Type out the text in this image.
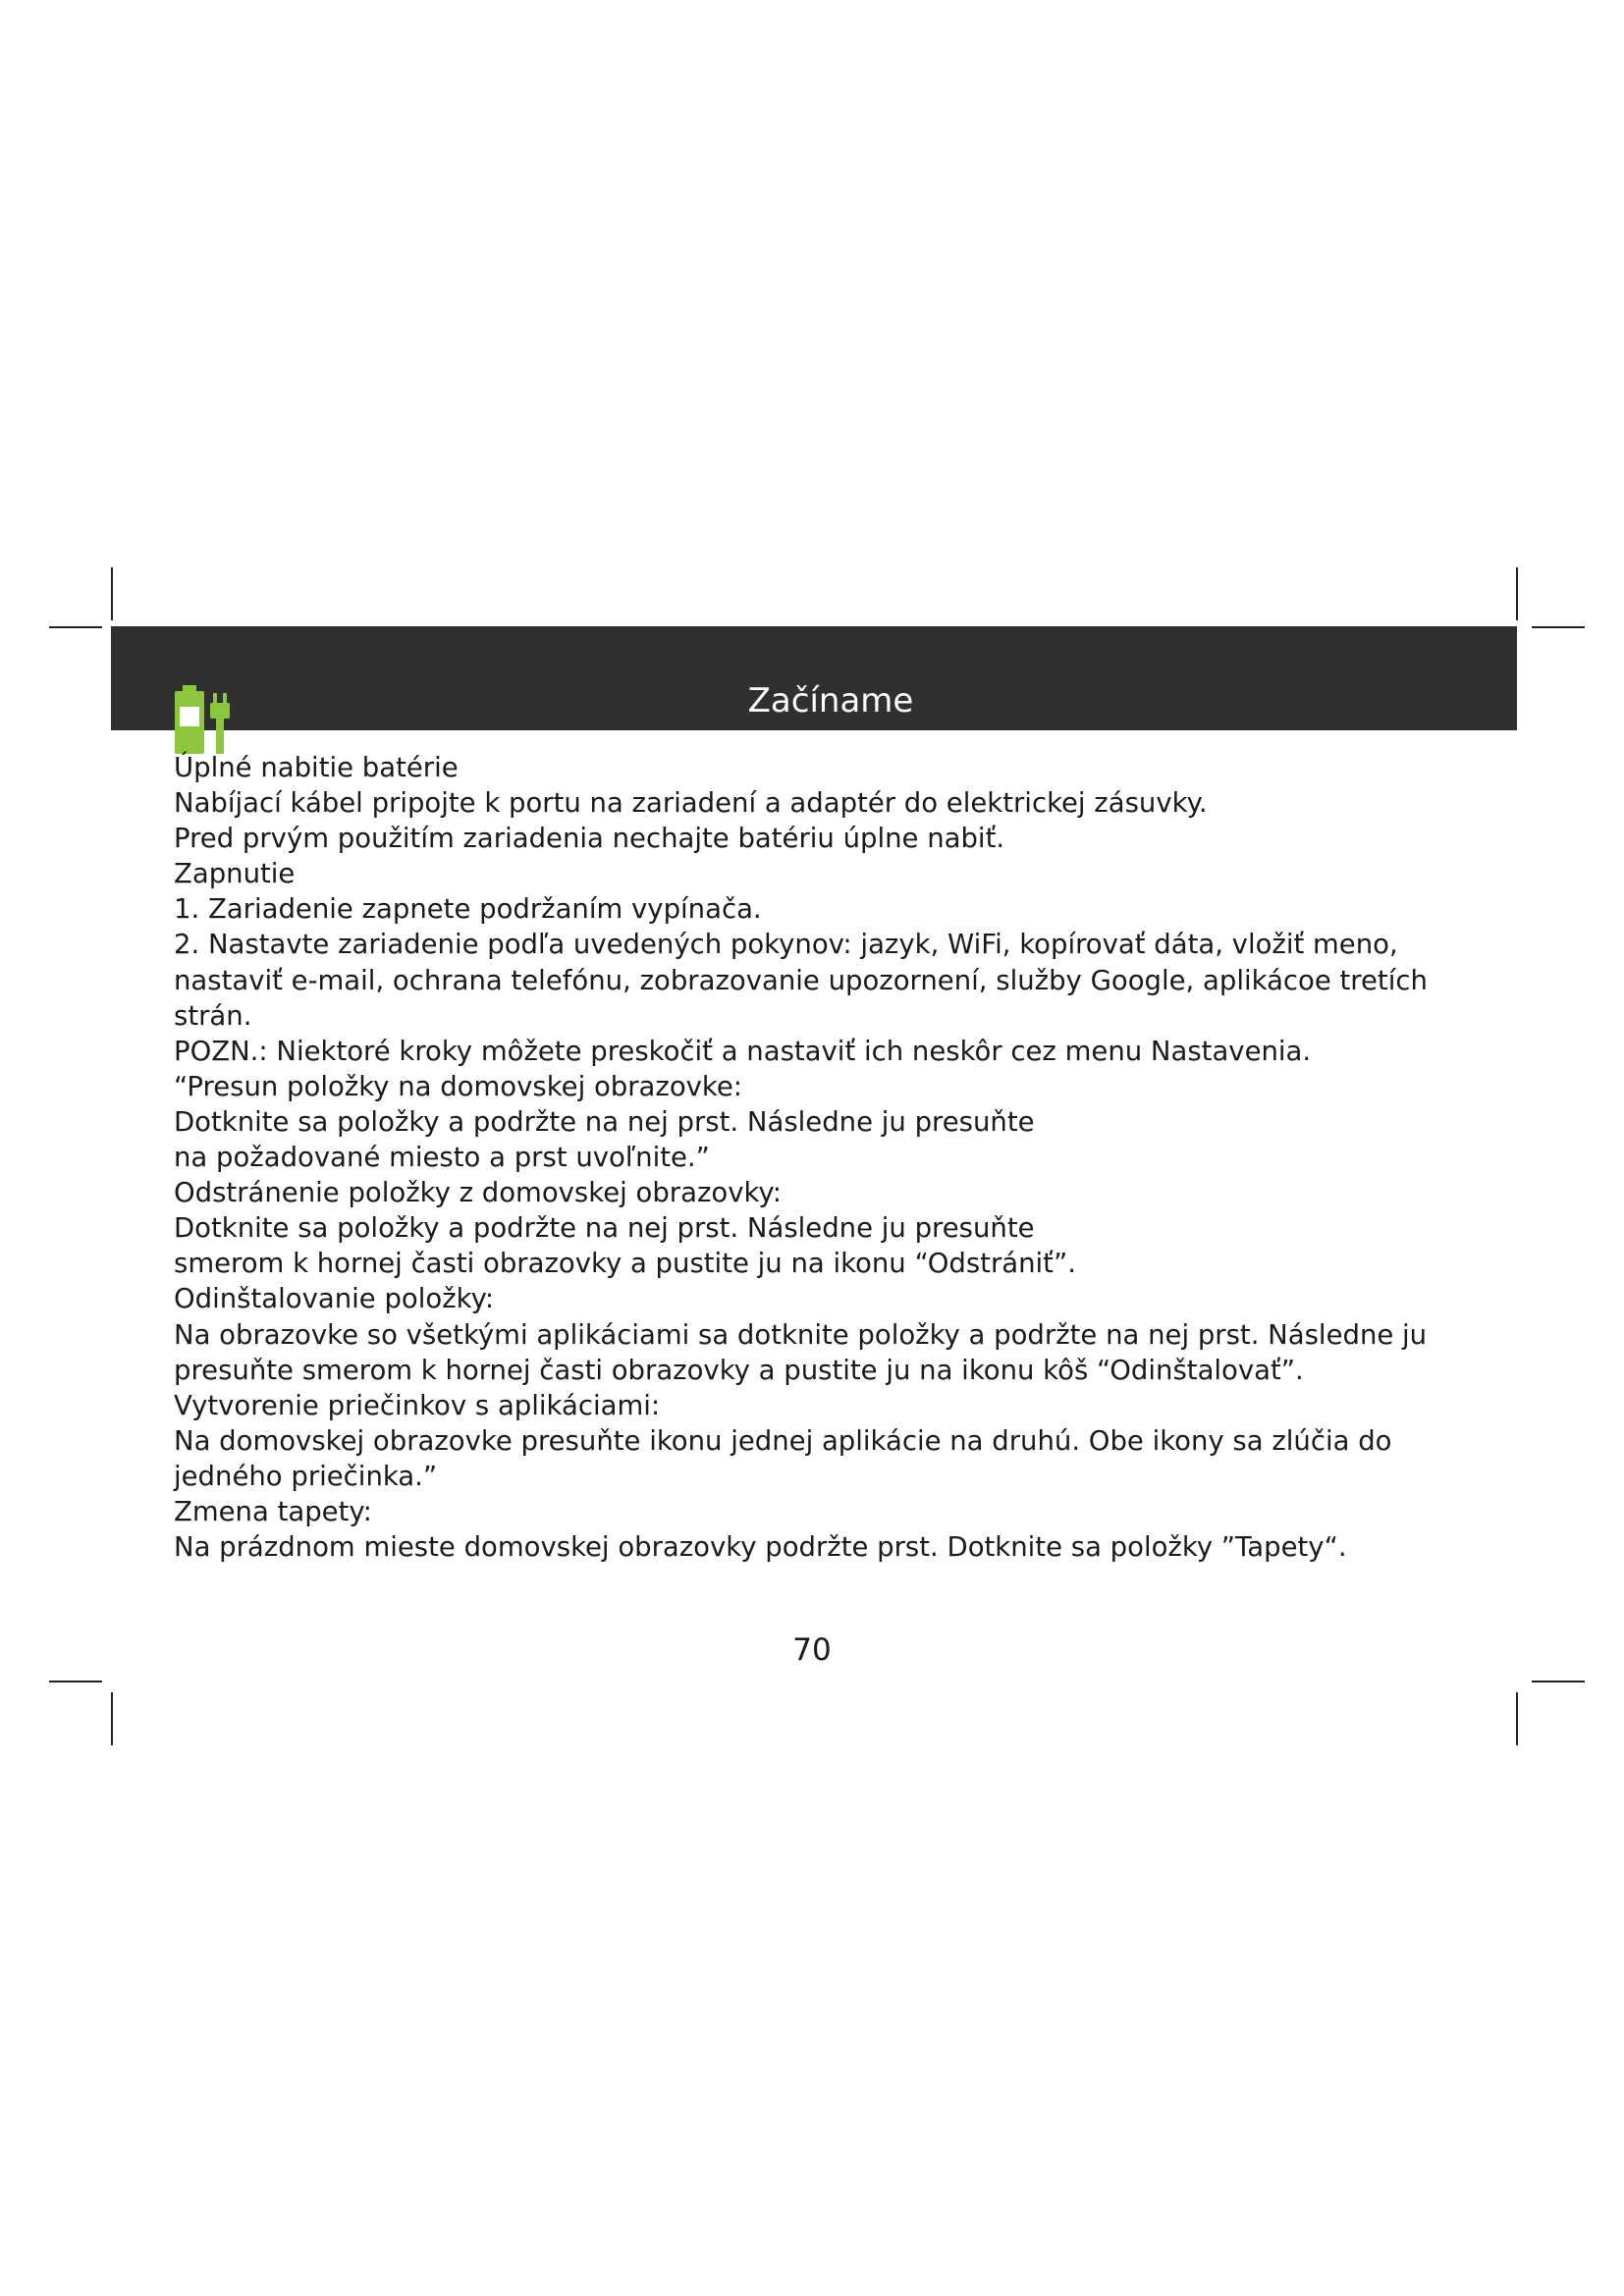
Začíname

Úplné nabitie batérie

Nabíjací kábel pripojte k portu na zariadení a adaptér do elektrickej zásuvky.

Pred prvým použitím zariadenia nechajte batériu úplne nabiť.

Zapnutie

1. Zariadenie zapnete podržaním vypínača.

2. Nastavte zariadenie podľa uvedených pokynov: jazyk, WiFi, kopírovať dáta, vložiť meno,

nastaviť e-mail, ochrana telefónu, zobrazovanie upozornení, služby Google, aplikácoe tretích

strán.

POZN.: Niektoré kroky môžete preskočiť a nastaviť ich neskôr cez menu Nastavenia.

“Presun položky na domovskej obrazovke:

Dotknite sa položky a podržte na nej prst. Následne ju presuňte

na požadované miesto a prst uvoľnite.”

Odstránenie položky z domovskej obrazovky:

Dotknite sa položky a podržte na nej prst. Následne ju presuňte

smerom k hornej časti obrazovky a pustite ju na ikonu “Odstrániť”.

Odinštalovanie položky:

Na obrazovke so všetkými aplikáciami sa dotknite položky a podržte na nej prst. Následne ju

presuňte smerom k hornej časti obrazovky a pustite ju na ikonu kôš “Odinštalovať”.

Vytvorenie priečinkov s aplikáciami:

Na domovskej obrazovke presuňte ikonu jednej aplikácie na druhú. Obe ikony sa zlúčia do

jedného priečinka.”

Zmena tapety:

Na prázdnom mieste domovskej obrazovky podržte prst. Dotknite sa položky ”Tapety“.

70
